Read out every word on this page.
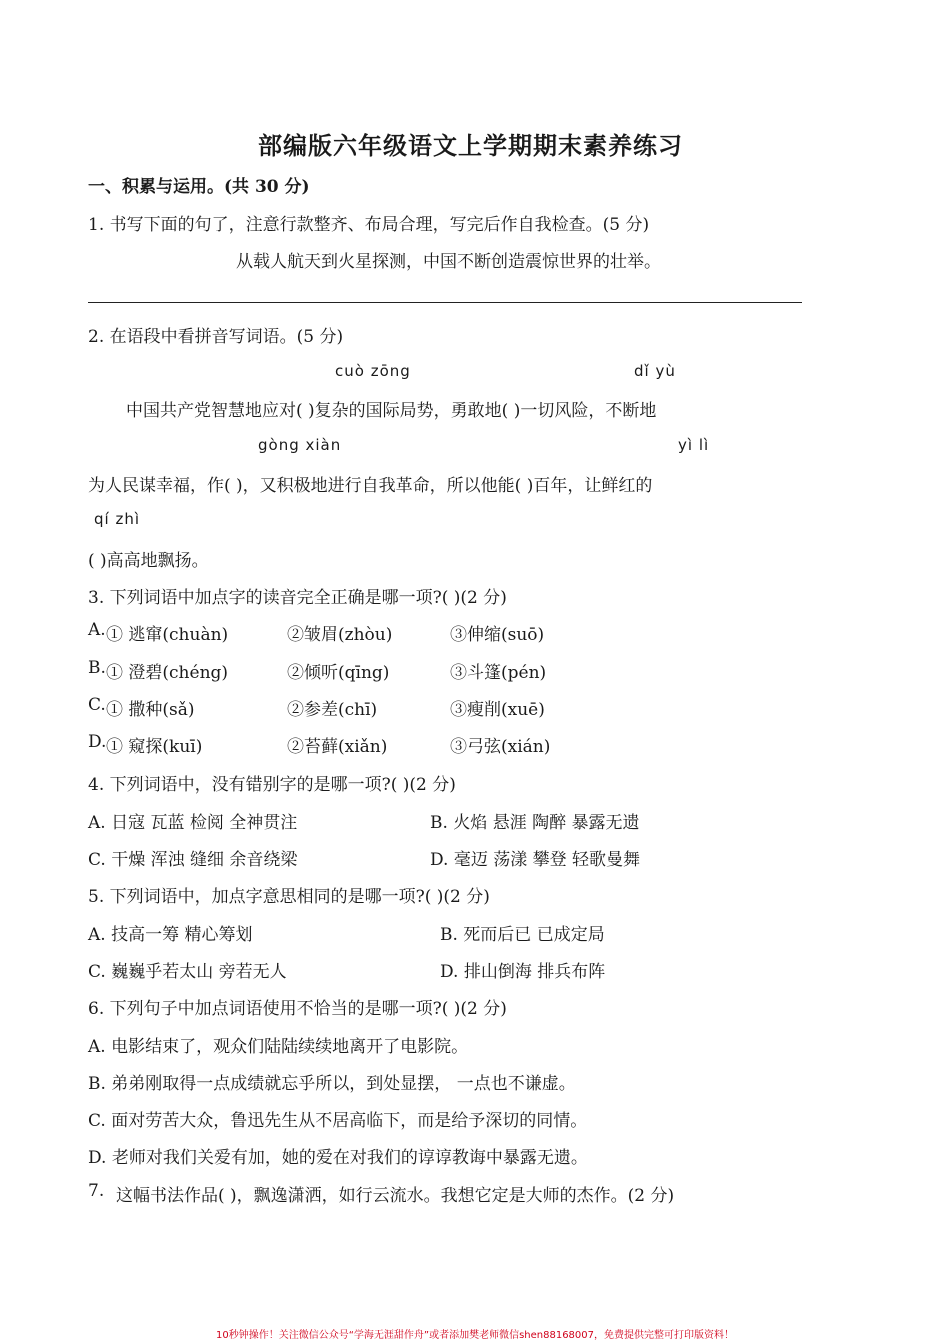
部编版六年级语文上学期期末素养练习
一、积累与运用。(共 30 分)
1. 书写下面的句了，注意行款整齐、布局合理，写完后作自我检查。(5 分)
从载人航天到火星探测，中国不断创造震惊世界的壮举。
2. 在语段中看拼音写词语。(5 分)
cuò zōng	dǐ yù
中国共产党智慧地应对( )复杂的国际局势，勇敢地( )一切风险，不断地
gòng xiàn	yì lì
为人民谋幸福，作( )，又积极地进行自我革命，所以他能( )百年，让鲜红的
qí zhì
( )高高地飘扬。
3. 下列词语中加点字的读音完全正确是哪一项?( )(2 分)
A. ① 逃窜(chuàn)	②皱眉(zhòu)	③伸缩(suō)
B. ① 澄碧(chéng)	②倾听(qīng)	③斗篷(pén)
C. ① 撒种(sǎ)	②参差(chī)	③瘦削(xuē)
D. ① 窥探(kuī)	②苔藓(xiǎn)	③弓弦(xián)
4. 下列词语中，没有错别字的是哪一项?( )(2 分)
A. 日寇 瓦蓝 检阅 全神贯注	B. 火焰 悬涯 陶醉 暴露无遗
C. 干燥 浑浊 缝细 余音绕梁	D. 毫迈 荡漾 攀登 轻歌曼舞
5. 下列词语中，加点字意思相同的是哪一项?( )(2 分)
A. 技高一筹 精心筹划	B. 死而后已 已成定局
C. 巍巍乎若太山 旁若无人	D. 排山倒海 排兵布阵
6. 下列句子中加点词语使用不恰当的是哪一项?( )(2 分)
A. 电影结束了，观众们陆陆续续地离开了电影院。
B. 弟弟刚取得一点成绩就忘乎所以，到处显摆， 一点也不谦虚。
C. 面对劳苦大众，鲁迅先生从不居高临下，而是给予深切的同情。
D. 老师对我们关爱有加，她的爱在对我们的谆谆教诲中暴露无遗。
7. 这幅书法作品( )，飘逸潇洒，如行云流水。我想它定是大师的杰作。(2 分)
10秒钟操作！关注微信公众号“学海无涯甜作舟”或者添加樊老师微信shen88168007，免费提供完整可打印版资料！
